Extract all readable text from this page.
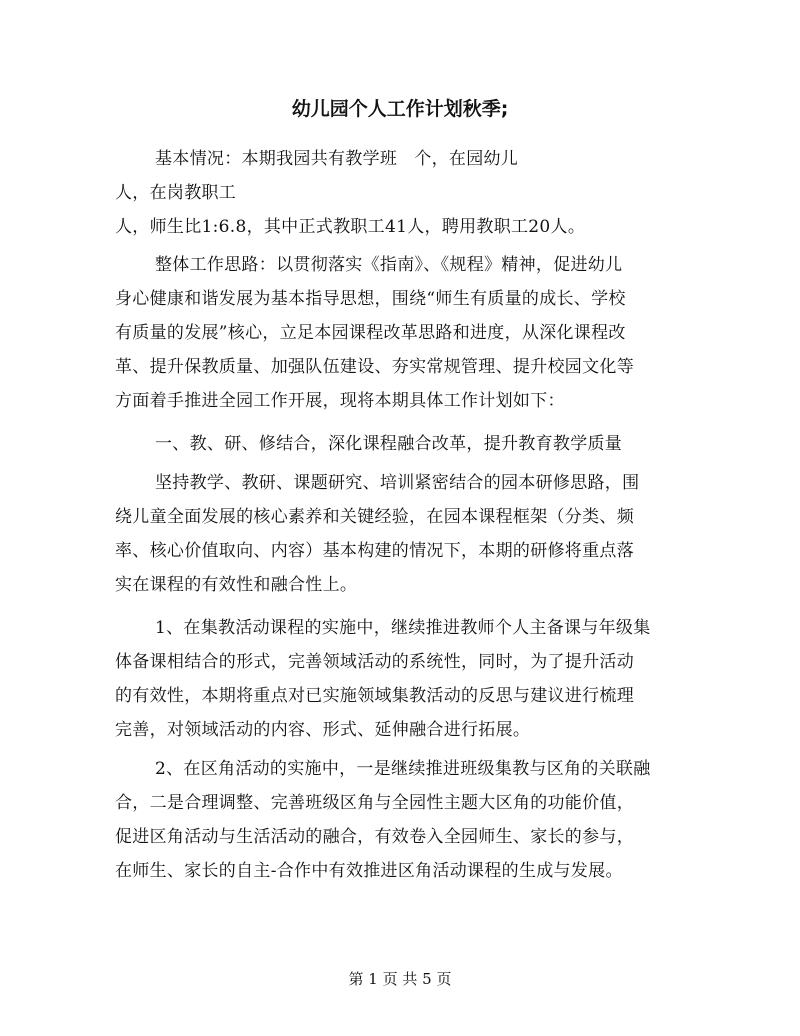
幼儿园个人工作计划秋季;
基本情况：本期我园共有教学班   个，在园幼儿
人，在岗教职工
人，师生比1:6.8，其中正式教职工41人，聘用教职工20人。
整体工作思路：以贯彻落实《指南》、《规程》精神，促进幼儿
身心健康和谐发展为基本指导思想，围绕“师生有质量的成长、学校
有质量的发展”核心，立足本园课程改革思路和进度，从深化课程改
革、提升保教质量、加强队伍建设、夯实常规管理、提升校园文化等
方面着手推进全园工作开展，现将本期具体工作计划如下：
一、教、研、修结合，深化课程融合改革，提升教育教学质量
坚持教学、教研、课题研究、培训紧密结合的园本研修思路，围
绕儿童全面发展的核心素养和关键经验，在园本课程框架（分类、频
率、核心价值取向、内容）基本构建的情况下，本期的研修将重点落
实在课程的有效性和融合性上。
1、在集教活动课程的实施中，继续推进教师个人主备课与年级集
体备课相结合的形式，完善领域活动的系统性，同时，为了提升活动
的有效性，本期将重点对已实施领域集教活动的反思与建议进行梳理
完善，对领域活动的内容、形式、延伸融合进行拓展。
2、在区角活动的实施中，一是继续推进班级集教与区角的关联融
合，二是合理调整、完善班级区角与全园性主题大区角的功能价值，
促进区角活动与生活活动的融合，有效卷入全园师生、家长的参与，
在师生、家长的自主-合作中有效推进区角活动课程的生成与发展。
第 1 页 共 5 页
